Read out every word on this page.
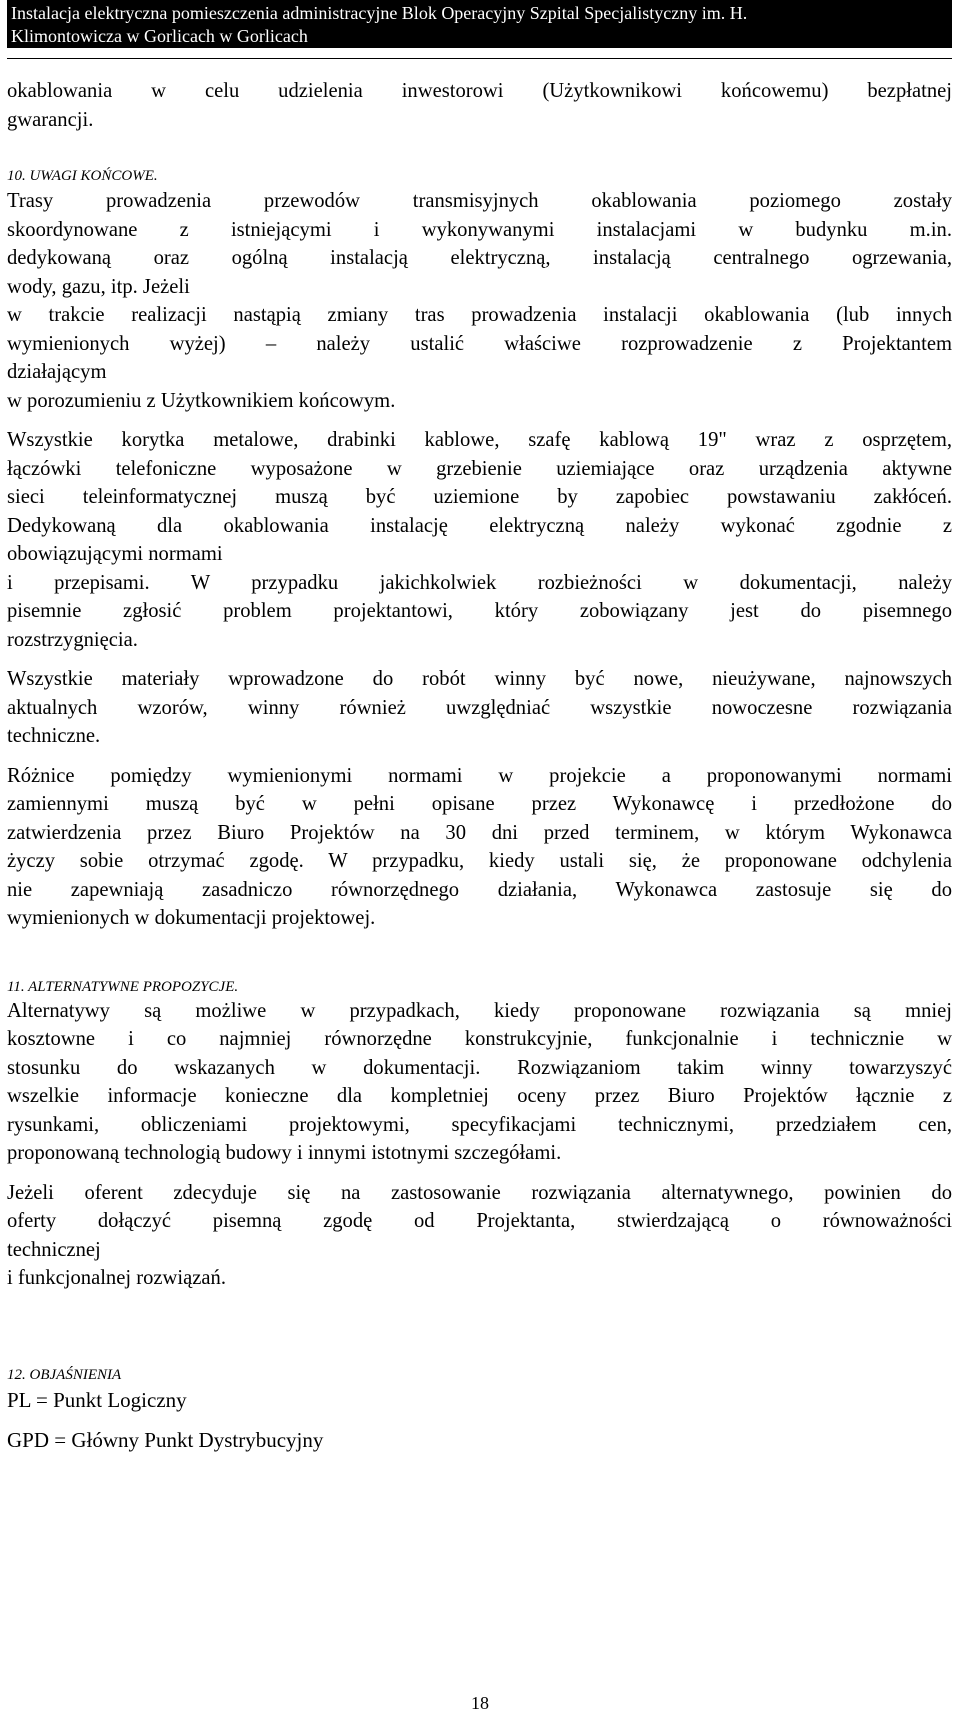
Instalacja elektryczna pomieszczenia administracyjne Blok Operacyjny Szpital Specjalistyczny im. H.
Klimontowicza w Gorlicach w Gorlicach
okablowania w celu udzielenia inwestorowi (Użytkownikowi końcowemu) bezpłatnej
gwarancji.
10. UWAGI KOŃCOWE.
Trasy prowadzenia przewodów transmisyjnych okablowania poziomego zostały
skoordynowane z istniejącymi i wykonywanymi instalacjami w budynku m.in.
dedykowaną oraz ogólną instalacją elektryczną, instalacją centralnego ogrzewania,
wody, gazu, itp. Jeżeli
w trakcie realizacji nastąpią zmiany tras prowadzenia instalacji okablowania (lub innych
wymienionych wyżej) – należy ustalić właściwe rozprowadzenie z Projektantem
działającym
w porozumieniu z Użytkownikiem końcowym.
Wszystkie korytka metalowe, drabinki kablowe, szafę kablową 19" wraz z osprzętem,
łączówki telefoniczne wyposażone w grzebienie uziemiające oraz urządzenia aktywne
sieci teleinformatycznej muszą być uziemione by zapobiec powstawaniu zakłóceń.
Dedykowaną dla okablowania instalację elektryczną należy wykonać zgodnie z
obowiązującymi normami
i przepisami. W przypadku jakichkolwiek rozbieżności w dokumentacji, należy
pisemnie zgłosić problem projektantowi, który zobowiązany jest do pisemnego
rozstrzygnięcia.
Wszystkie materiały wprowadzone do robót winny być nowe, nieużywane, najnowszych
aktualnych wzorów, winny również uwzględniać wszystkie nowoczesne rozwiązania
techniczne.
Różnice pomiędzy wymienionymi normami w projekcie a proponowanymi normami
zamiennymi muszą być w pełni opisane przez Wykonawcę i przedłożone do
zatwierdzenia przez Biuro Projektów na 30 dni przed terminem, w którym Wykonawca
życzy sobie otrzymać zgodę. W przypadku, kiedy ustali się, że proponowane odchylenia
nie zapewniają zasadniczo równorzędnego działania, Wykonawca zastosuje się do
wymienionych w dokumentacji projektowej.
11. ALTERNATYWNE PROPOZYCJE.
Alternatywy są możliwe w przypadkach, kiedy proponowane rozwiązania są mniej
kosztowne i co najmniej równorzędne konstrukcyjnie, funkcjonalnie i technicznie w
stosunku do wskazanych w dokumentacji. Rozwiązaniom takim winny towarzyszyć
wszelkie informacje konieczne dla kompletniej oceny przez Biuro Projektów łącznie z
rysunkami, obliczeniami projektowymi, specyfikacjami technicznymi, przedziałem cen,
proponowaną technologią budowy i innymi istotnymi szczegółami.
Jeżeli oferent zdecyduje się na zastosowanie rozwiązania alternatywnego, powinien do
oferty dołączyć pisemną zgodę od Projektanta, stwierdzającą o równoważności
technicznej
i funkcjonalnej rozwiązań.
12. OBJAŚNIENIA
PL = Punkt Logiczny
GPD = Główny Punkt Dystrybucyjny
18
